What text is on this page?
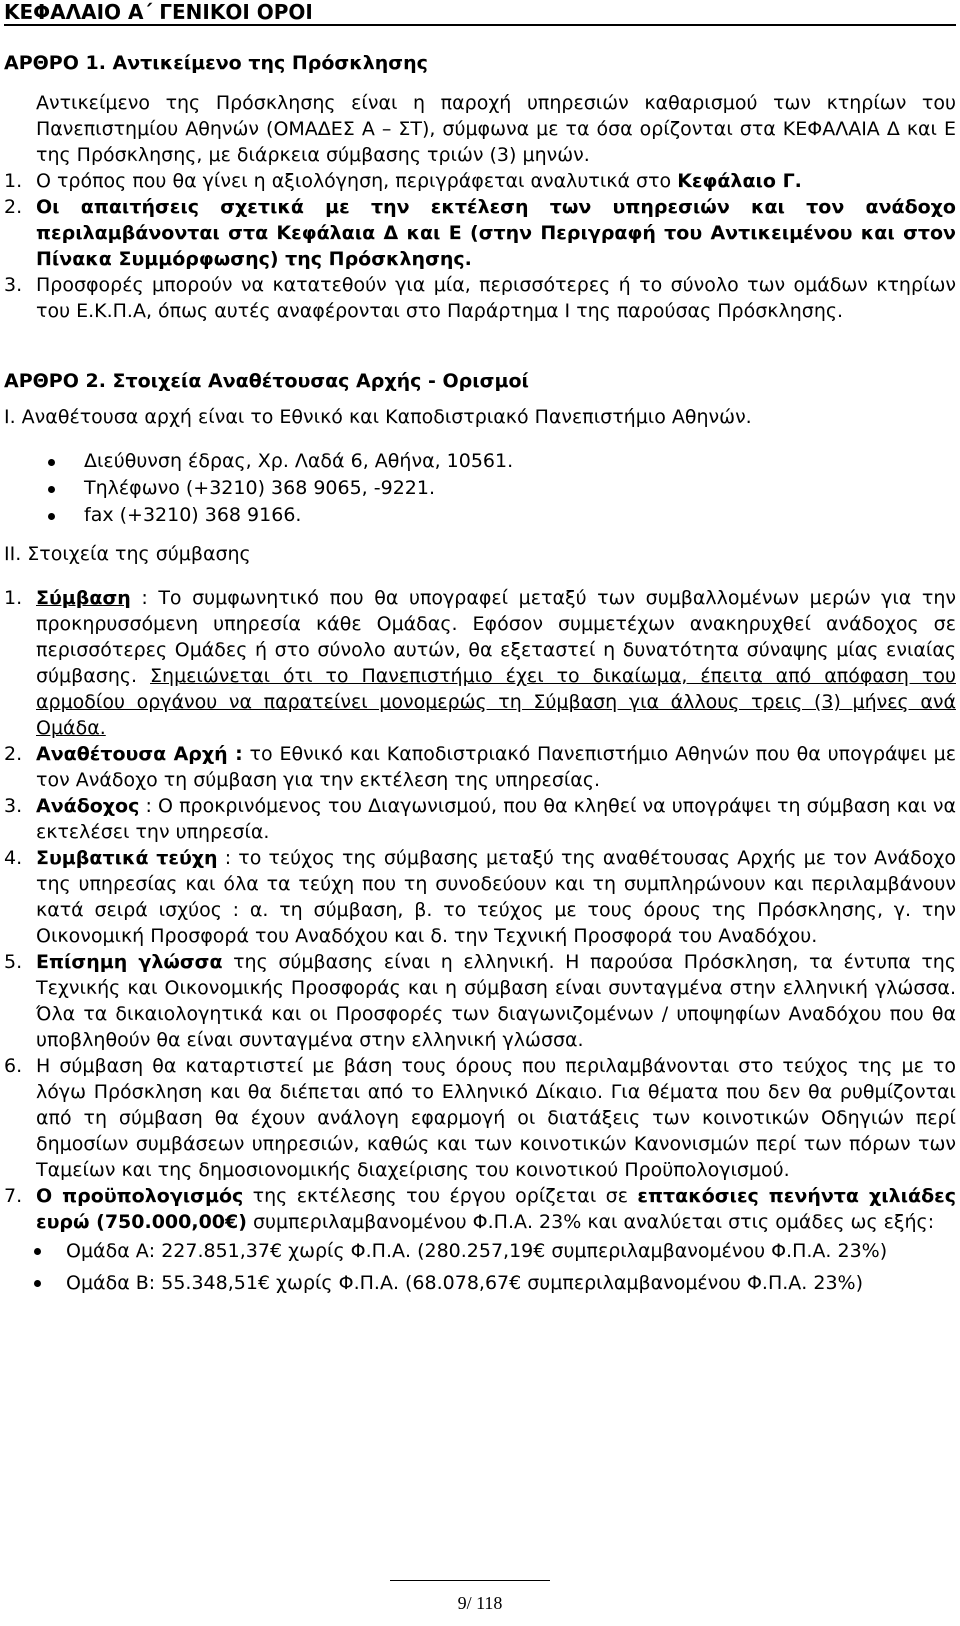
ΚΕΦΑΛΑΙΟ Α΄ ΓΕΝΙΚΟΙ ΟΡΟΙ

ΑΡΘΡΟ 1. Αντικείμενο της Πρόσκλησης

Αντικείμενο της Πρόσκλησης είναι η παροχή υπηρεσιών καθαρισμού των κτηρίων του Πανεπιστημίου Αθηνών (ΟΜΑΔΕΣ Α – ΣΤ), σύμφωνα με τα όσα ορίζονται στα ΚΕΦΑΛΑΙΑ Δ και Ε της Πρόσκλησης, με διάρκεια σύμβασης τριών (3) μηνών.

1. Ο τρόπος που θα γίνει η αξιολόγηση, περιγράφεται αναλυτικά στο Κεφάλαιο Γ.
2. Οι απαιτήσεις σχετικά με την εκτέλεση των υπηρεσιών και τον ανάδοχο περιλαμβάνονται στα Κεφάλαια Δ και Ε (στην Περιγραφή του Αντικειμένου και στον Πίνακα Συμμόρφωσης) της Πρόσκλησης.
3. Προσφορές μπορούν να κατατεθούν για μία, περισσότερες ή το σύνολο των ομάδων κτηρίων του Ε.Κ.Π.Α, όπως αυτές αναφέρονται στο Παράρτημα Ι της παρούσας Πρόσκλησης.

ΑΡΘΡΟ 2. Στοιχεία Αναθέτουσας Αρχής - Ορισμοί

Ι. Αναθέτουσα αρχή είναι το Εθνικό και Καποδιστριακό Πανεπιστήμιο Αθηνών.

Διεύθυνση έδρας, Χρ. Λαδά 6, Αθήνα, 10561.
Τηλέφωνο (+3210) 368 9065, -9221.
fax (+3210) 368 9166.

ΙΙ. Στοιχεία της σύμβασης

1. Σύμβαση : Το συμφωνητικό που θα υπογραφεί μεταξύ των συμβαλλομένων μερών για την προκηρυσσόμενη υπηρεσία κάθε Ομάδας. Εφόσον συμμετέχων ανακηρυχθεί ανάδοχος σε περισσότερες Ομάδες ή στο σύνολο αυτών, θα εξεταστεί η δυνατότητα σύναψης μίας ενιαίας σύμβασης. Σημειώνεται ότι το Πανεπιστήμιο έχει το δικαίωμα, έπειτα από απόφαση του αρμοδίου οργάνου να παρατείνει μονομερώς τη Σύμβαση για άλλους τρεις (3) μήνες ανά Ομάδα.
2. Αναθέτουσα Αρχή : το Εθνικό και Καποδιστριακό Πανεπιστήμιο Αθηνών που θα υπογράψει με τον Ανάδοχο τη σύμβαση για την εκτέλεση της υπηρεσίας.
3. Ανάδοχος : Ο προκρινόμενος του Διαγωνισμού, που θα κληθεί να υπογράψει τη σύμβαση και να εκτελέσει την υπηρεσία.
4. Συμβατικά τεύχη : το τεύχος της σύμβασης μεταξύ της αναθέτουσας Αρχής με τον Ανάδοχο της υπηρεσίας και όλα τα τεύχη που τη συνοδεύουν και τη συμπληρώνουν και περιλαμβάνουν κατά σειρά ισχύος : α. τη σύμβαση, β. το τεύχος με τους όρους της Πρόσκλησης, γ. την Οικονομική Προσφορά του Αναδόχου και δ. την Τεχνική Προσφορά του Αναδόχου.
5. Επίσημη γλώσσα της σύμβασης είναι η ελληνική. Η παρούσα Πρόσκληση, τα έντυπα της Τεχνικής και Οικονομικής Προσφοράς και η σύμβαση είναι συνταγμένα στην ελληνική γλώσσα. Όλα τα δικαιολογητικά και οι Προσφορές των διαγωνιζομένων / υποψηφίων Αναδόχου που θα υποβληθούν θα είναι συνταγμένα στην ελληνική γλώσσα.
6. Η σύμβαση θα καταρτιστεί με βάση τους όρους που περιλαμβάνονται στο τεύχος της με το λόγω Πρόσκληση και θα διέπεται από το Ελληνικό Δίκαιο. Για θέματα που δεν θα ρυθμίζονται από τη σύμβαση θα έχουν ανάλογη εφαρμογή οι διατάξεις των κοινοτικών Οδηγιών περί δημοσίων συμβάσεων υπηρεσιών, καθώς και των κοινοτικών Κανονισμών περί των πόρων των Ταμείων και της δημοσιονομικής διαχείρισης του κοινοτικού Προϋπολογισμού.
7. Ο προϋπολογισμός της εκτέλεσης του έργου ορίζεται σε επτακόσιες πενήντα χιλιάδες ευρώ (750.000,00€) συμπεριλαμβανομένου Φ.Π.Α. 23% και αναλύεται στις ομάδες ως εξής:
Ομάδα Α: 227.851,37€ χωρίς Φ.Π.Α. (280.257,19€ συμπεριλαμβανομένου Φ.Π.Α. 23%)
Ομάδα Β: 55.348,51€ χωρίς Φ.Π.Α. (68.078,67€ συμπεριλαμβανομένου Φ.Π.Α. 23%)
9/ 118
